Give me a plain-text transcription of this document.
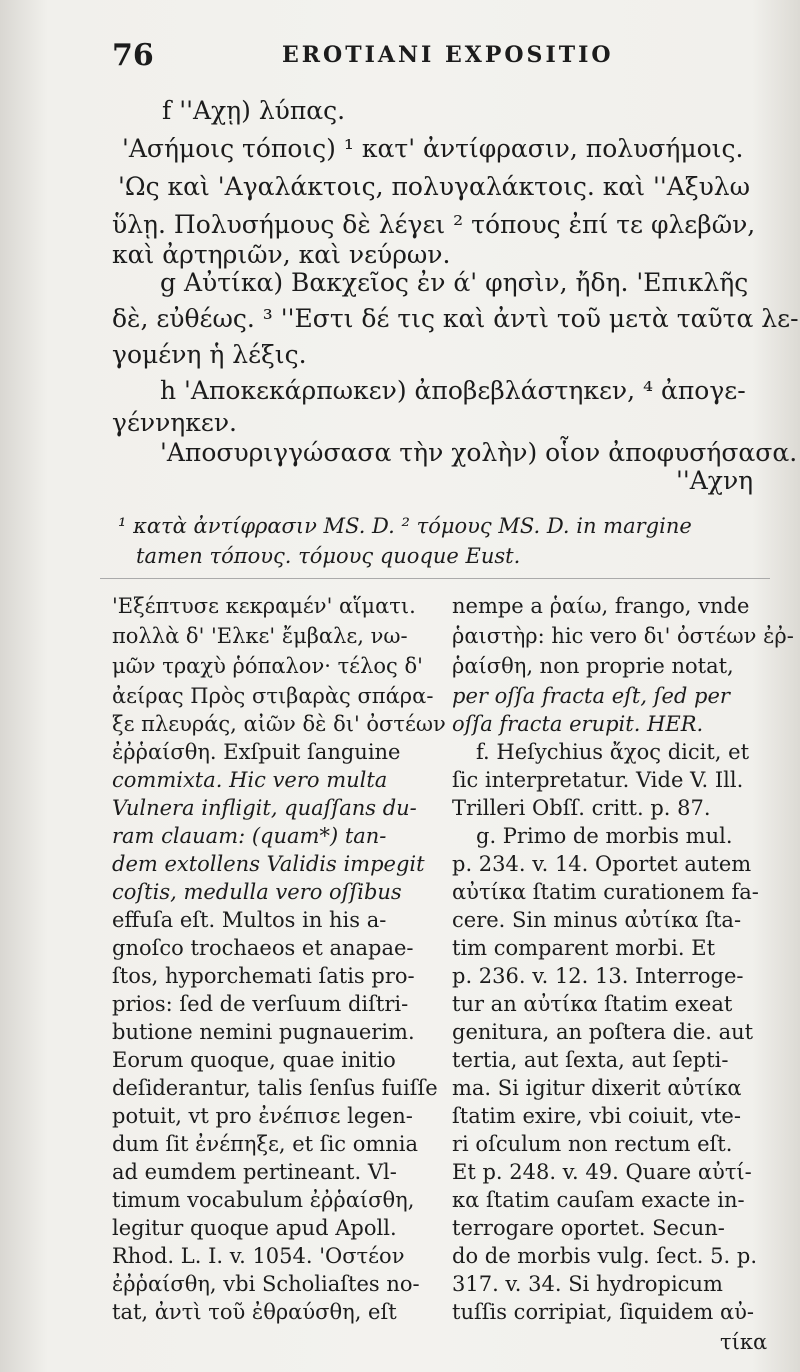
76	EROTIANI EXPOSITIO
f ''Αχῃ) λύπας.
'Ασήμοις τόποις) ¹ κατ' ἀντίφρασιν, πολυσήμοις.
'Ως καὶ 'Αγαλάκτοις, πολυγαλάκτοις. καὶ ''Αξυλω
ὕλῃ. Πολυσήμους δὲ λέγει ² τόπους ἐπί τε φλεβῶν,
καὶ ἀρτηριῶν, καὶ νεύρων.
g Αὐτίκα) Βακχεῖος ἐν ά' φησὶν, ἤδη. 'Επικλῆς
δὲ, εὐθέως. ³ ''Εστι δέ τις καὶ ἀντὶ τοῦ μετὰ ταῦτα λε-
γομένη ἡ λέξις.
h 'Αποκεκάρπωκεν) ἀποβεβλάστηκεν, ⁴ ἀπογε-
γέννηκεν.
'Αποσυριγγώσασα τὴν χολὴν) οἷον ἀποφυσήσασα.
''Αχνη
¹ κατὰ ἀντίφρασιν MS. D. ² τόμους MS. D. in margine
tamen τόπους. τόμους quoque Eust.
'Εξέπτυσε κεκραμέν' αἵματι.
πολλὰ δ' 'Ελκε' ἔμβαλε, νω-
μῶν τραχὺ ῥόπαλον· τέλος δ'
ἀείρας Πρὸς στιβαρὰς σπάρα-
ξε πλευράς, αἰῶν δὲ δι' ὀστέων
ἐῤῥαίσθη. Exſpuit ſanguine
commixta. Hic vero multa
Vulnera infligit, quaſſans du-
ram clauam: (quam*) tan-
dem extollens Validis impegit
coſtis, medulla vero oſſibus
effuſa eſt. Multos in his a-
gnoſco trochaeos et anapae-
ſtos, hyporchemati ſatis pro-
prios: ſed de verſuum diſtri-
butione nemini pugnauerim.
Eorum quoque, quae initio
deſiderantur, talis ſenſus fuiſſe
potuit, vt pro ἐνέπισε legen-
dum ſit ἐνέπηξε, et ſic omnia
ad eumdem pertineant. Vl-
timum vocabulum ἐῤῥαίσθη,
legitur quoque apud Apoll.
Rhod. L. I. v. 1054. 'Οστέον
ἐῤῥαίσθη, vbi Scholiaſtes no-
tat, ἀντὶ τοῦ ἐθραύσθη, eſt
nempe a ῥαίω, frango, vnde
ῥαιστὴρ: hic vero δι' ὀστέων ἐῤ-
ῥαίσθη, non proprie notat,
per oſſa fracta eſt, ſed per
oſſa fracta erupit. HER.
f. Heſychius ἄχος dicit, et
ſic interpretatur. Vide V. Ill.
Trilleri Obſſ. critt. p. 87.
g. Primo de morbis mul.
p. 234. v. 14. Oportet autem
αὐτίκα ſtatim curationem fa-
cere. Sin minus αὐτίκα ſta-
tim comparent morbi. Et
p. 236. v. 12. 13. Interroge-
tur an αὐτίκα ſtatim exeat
genitura, an poſtera die. aut
tertia, aut ſexta, aut ſepti-
ma. Si igitur dixerit αὐτίκα
ſtatim exire, vbi coiuit, vte-
ri oſculum non rectum eſt.
Et p. 248. v. 49. Quare αὐτί-
κα ſtatim cauſam exacte in-
terrogare oportet. Secun-
do de morbis vulg. ſect. 5. p.
317. v. 34. Si hydropicum
tuſſis corripiat, ſiquidem αὐ-
τίκα
